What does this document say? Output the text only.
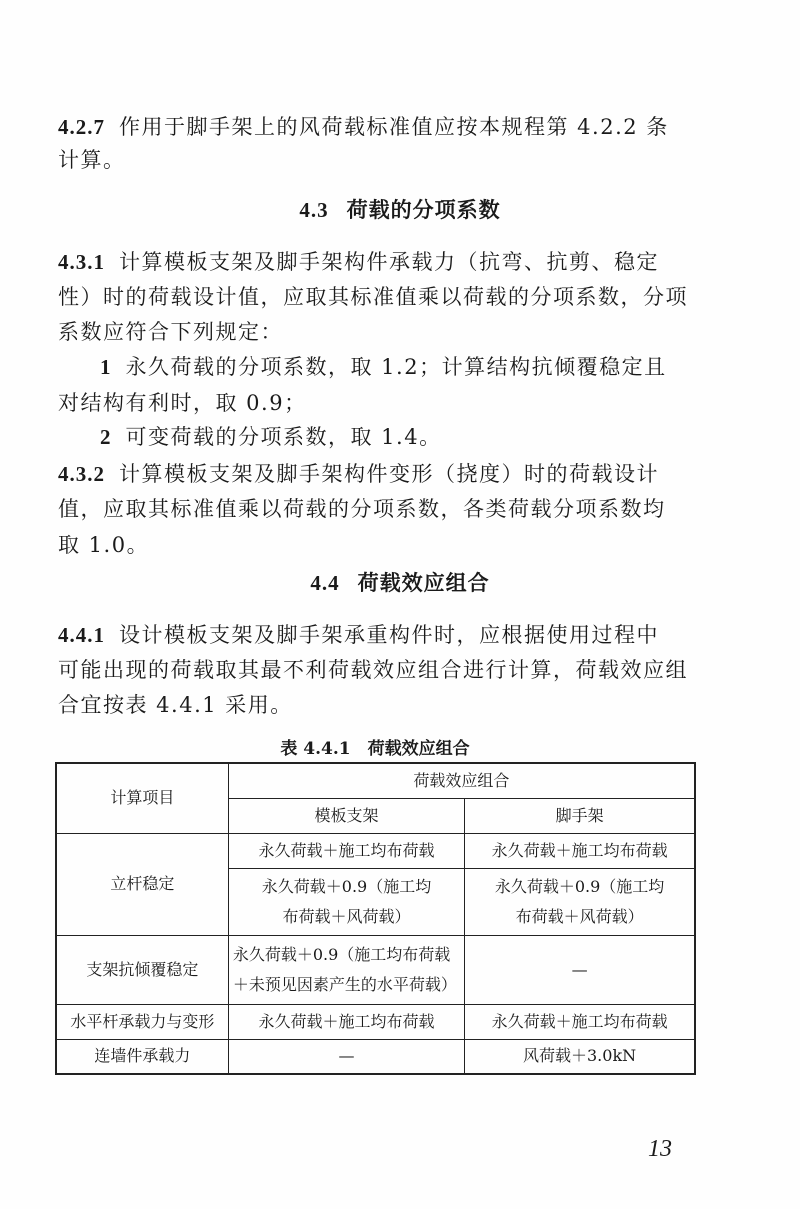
4.2.7 作用于脚手架上的风荷载标准值应按本规程第 4.2.2 条
计算。
4.3 荷载的分项系数
4.3.1 计算模板支架及脚手架构件承载力（抗弯、抗剪、稳定
性）时的荷载设计值，应取其标准值乘以荷载的分项系数，分项
系数应符合下列规定：
1 永久荷载的分项系数，取 1.2；计算结构抗倾覆稳定且
对结构有利时，取 0.9；
2 可变荷载的分项系数，取 1.4。
4.3.2 计算模板支架及脚手架构件变形（挠度）时的荷载设计
值，应取其标准值乘以荷载的分项系数，各类荷载分项系数均
取 1.0。
4.4 荷载效应组合
4.4.1 设计模板支架及脚手架承重构件时，应根据使用过程中
可能出现的荷载取其最不利荷载效应组合进行计算，荷载效应组
合宜按表 4.4.1 采用。
表 4.4.1　荷载效应组合
计算项目	荷载效应组合	
	模板支架	脚手架
立杆稳定	永久荷载＋施工均布荷载	永久荷载＋施工均布荷载
	永久荷载＋0.9（施工均布荷载＋风荷载）	永久荷载＋0.9（施工均布荷载＋风荷载）
支架抗倾覆稳定	永久荷载＋0.9（施工均布荷载＋未预见因素产生的水平荷载）	—
水平杆承载力与变形	永久荷载＋施工均布荷载	永久荷载＋施工均布荷载
连墙件承载力	—	风荷载＋3.0kN
13
